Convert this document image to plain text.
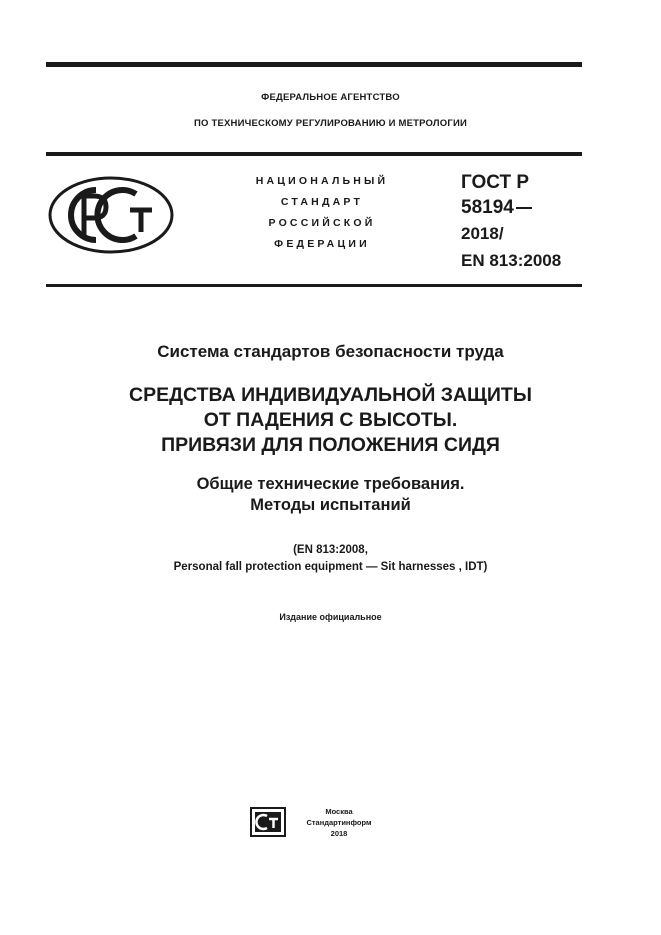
ФЕДЕРАЛЬНОЕ АГЕНТСТВО
ПО ТЕХНИЧЕСКОМУ РЕГУЛИРОВАНИЮ И МЕТРОЛОГИИ
НАЦИОНАЛЬНЫЙ
СТАНДАРТ
РОССИЙСКОЙ
ФЕДЕРАЦИИ
ГОСТ Р
58194
2018/
EN 813:2008
Система стандартов безопасности труда
СРЕДСТВА ИНДИВИДУАЛЬНОЙ ЗАЩИТЫ
ОТ ПАДЕНИЯ С ВЫСОТЫ.
ПРИВЯЗИ ДЛЯ ПОЛОЖЕНИЯ СИДЯ
Общие технические требования.
Методы испытаний
(EN 813:2008,
Personal fall protection equipment — Sit harnesses , IDT)
Издание официальное
Москва
Стандартинформ
2018
